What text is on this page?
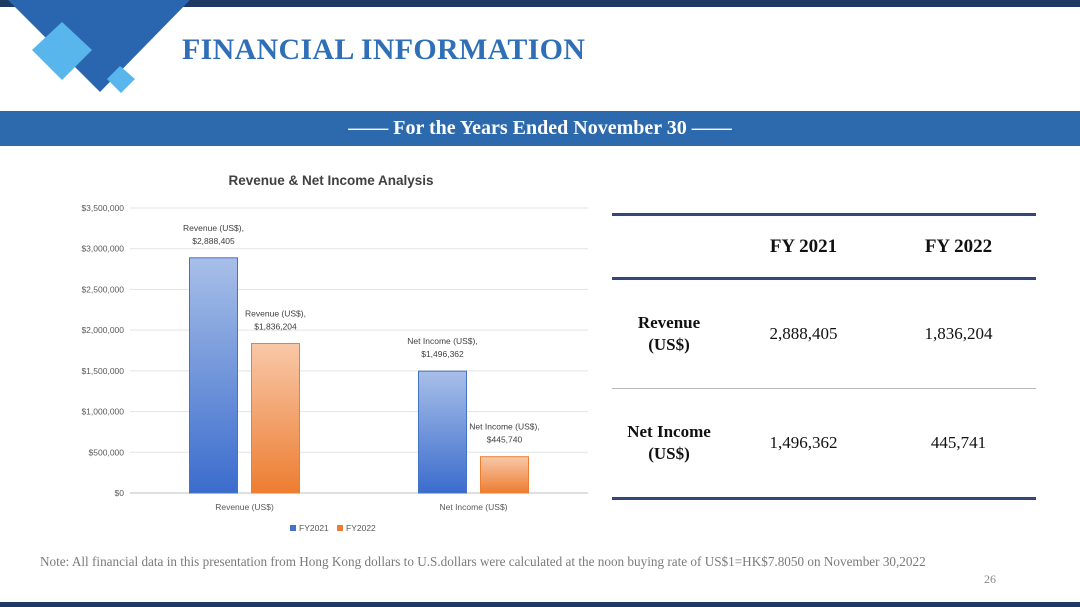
FINANCIAL INFORMATION
—— For the Years Ended November 30 ——
Revenue & Net Income Analysis
$0
$500,000
$1,000,000
$1,500,000
$2,000,000
$2,500,000
$3,000,000
$3,500,000
Revenue (US$),
$2,888,405
Revenue (US$),
$1,836,204
Revenue (US$)
Net Income (US$),
$1,496,362
Net Income (US$),
$445,740
Net Income (US$)
FY2021 FY2022
	FY 2021	FY 2022
Revenue
(US$)	2,888,405	1,836,204
Net Income
(US$)	1,496,362	445,741
Note: All financial data in this presentation from Hong Kong dollars to U.S.dollars were calculated at the noon buying rate of US$1=HK$7.8050 on November 30,2022
26
